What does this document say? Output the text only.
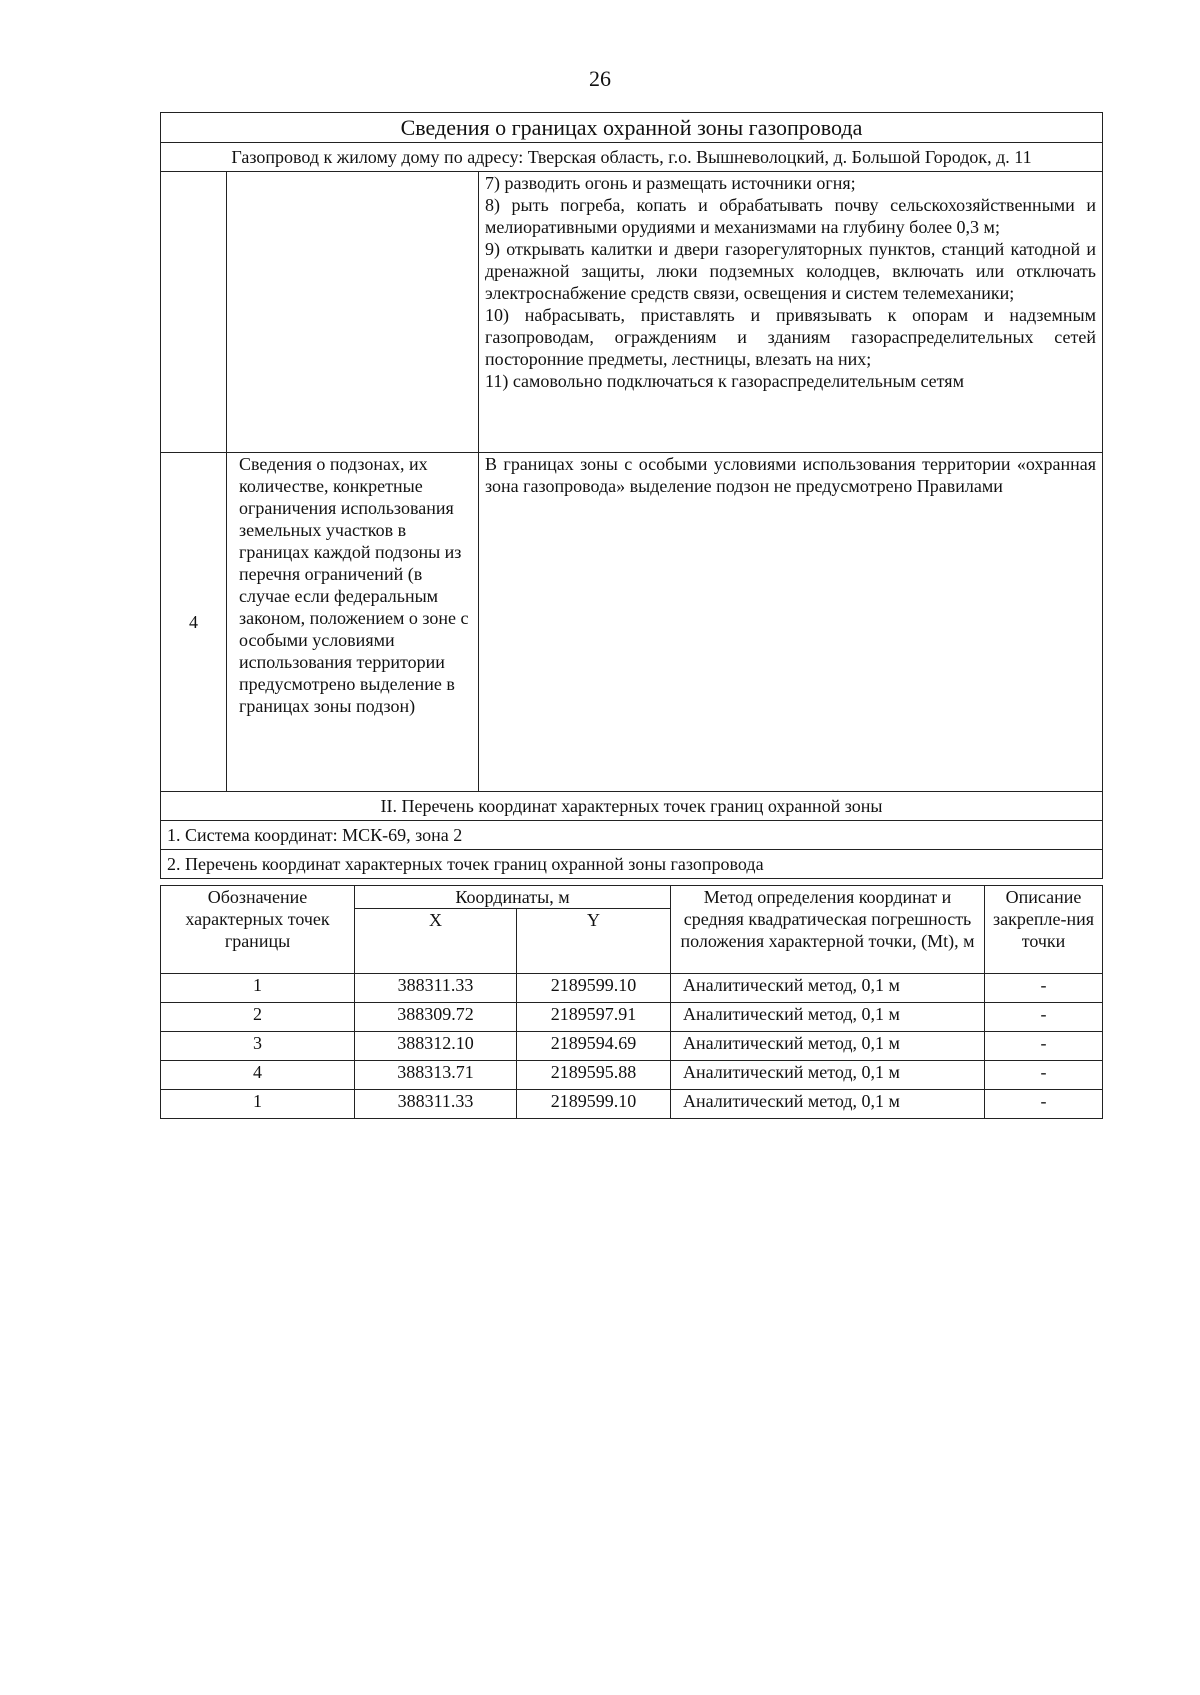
26
Сведения о границах охранной зоны газопровода		
Газопровод к жилому дому по адресу: Тверская область, г.о. Вышневолоцкий, д. Большой Городок, д. 11		

		7) разводить огонь и размещать источники огня;

8) рыть погреба, копать и обрабатывать почву сельскохозяйственными и мелиоративными орудиями и механизмами на глубину более 0,3 м;

9) открывать калитки и двери газорегуляторных пунктов, станций катодной и дренажной защиты, люки подземных колодцев, включать или отключать электроснабжение средств связи, освещения и систем телемеханики;

10) набрасывать, приставлять и привязывать к опорам и надземным газопроводам, ограждениям и зданиям газораспределительных сетей посторонние предметы, лестницы, влезать на них;

11) самовольно подключаться к газораспределительным сетям

4	Сведения о подзонах, их количестве, конкретные ограничения использования земельных участков в границах каждой подзоны из перечня ограничений (в случае если федеральным законом, положением о зоне с особыми условиями использования территории предусмотрено выделение в границах зоны подзон)	В границах зоны с особыми условиями использования территории «охранная зона газопровода» выделение подзон не предусмотрено Правилами
II. Перечень координат характерных точек границ охранной зоны		
1. Система координат: МСК-69, зона 2		
2. Перечень координат характерных точек границ охранной зоны газопровода		
Обозначение характерных точек границы	Координаты, м		Метод определения координат и средняя квадратическая погрешность положения характерной точки, (Mt), м	Описание закрепле-ния точки
	X	Y		
1	388311.33	2189599.10	Аналитический метод, 0,1 м	-
2	388309.72	2189597.91	Аналитический метод, 0,1 м	-
3	388312.10	2189594.69	Аналитический метод, 0,1 м	-
4	388313.71	2189595.88	Аналитический метод, 0,1 м	-
1	388311.33	2189599.10	Аналитический метод, 0,1 м	-
